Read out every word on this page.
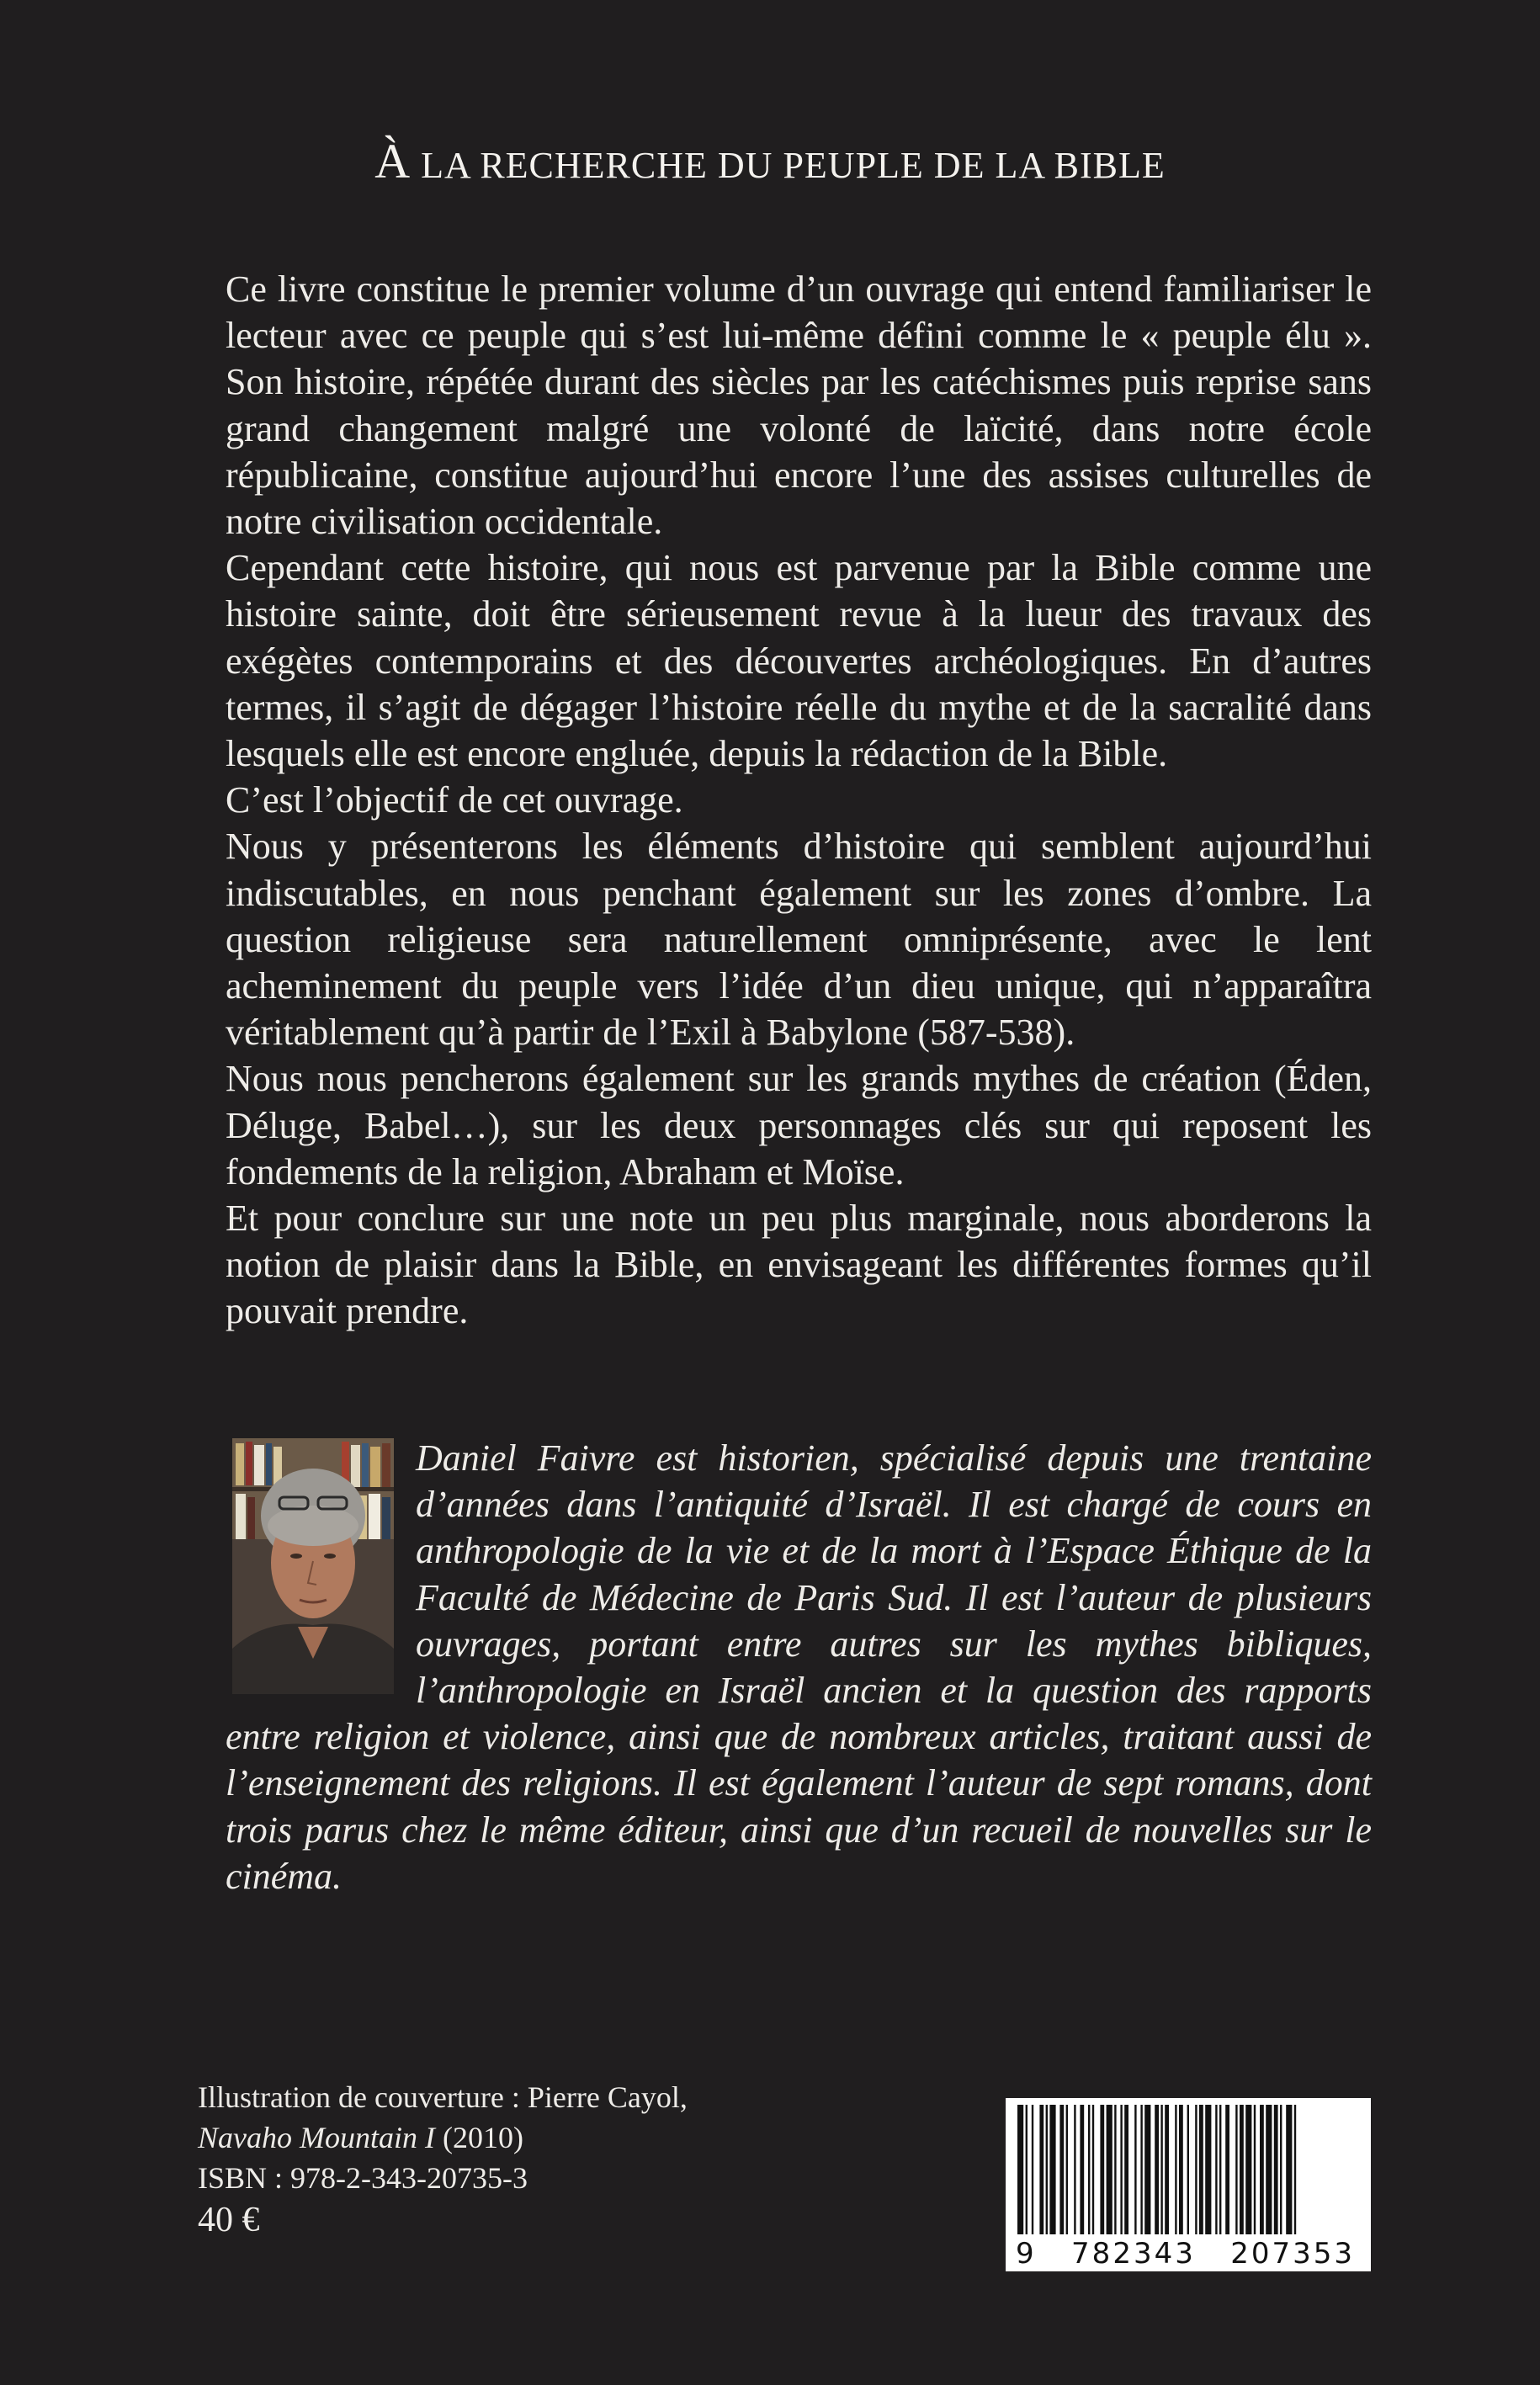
À LA RECHERCHE DU PEUPLE DE LA BIBLE

Ce livre constitue le premier volume d’un ouvrage qui entend familiariser le lecteur avec ce peuple qui s’est lui-même défini comme le « peuple élu ». Son histoire, répétée durant des siècles par les catéchismes puis reprise sans grand changement malgré une volonté de laïcité, dans notre école républicaine, constitue aujourd’hui encore l’une des assises culturelles de notre civilisation occidentale.

Cependant cette histoire, qui nous est parvenue par la Bible comme une histoire sainte, doit être sérieusement revue à la lueur des travaux des exégètes contemporains et des découvertes archéologiques. En d’autres termes, il s’agit de dégager l’histoire réelle du mythe et de la sacralité dans lesquels elle est encore engluée, depuis la rédaction de la Bible.

C’est l’objectif de cet ouvrage.

Nous y présenterons les éléments d’histoire qui semblent aujourd’hui indiscutables, en nous penchant également sur les zones d’ombre. La question religieuse sera naturellement omniprésente, avec le lent acheminement du peuple vers l’idée d’un dieu unique, qui n’apparaîtra véritablement qu’à partir de l’Exil à Babylone (587-538).

Nous nous pencherons également sur les grands mythes de création (Éden, Déluge, Babel…), sur les deux personnages clés sur qui reposent les fondements de la religion, Abraham et Moïse.

Et pour conclure sur une note un peu plus marginale, nous aborderons la notion de plaisir dans la Bible, en envisageant les différentes formes qu’il pouvait prendre.

Daniel Faivre est historien, spécialisé depuis une trentaine d’années dans l’antiquité d’Israël. Il est chargé de cours en anthropologie de la vie et de la mort à l’Espace Éthique de la Faculté de Médecine de Paris Sud. Il est l’auteur de plusieurs ouvrages, portant entre autres sur les mythes bibliques, l’anthropologie en Israël ancien et la question des rapports entre religion et violence, ainsi que de nombreux articles, traitant aussi de l’enseignement des religions. Il est également l’auteur de sept romans, dont trois parus chez le même éditeur, ainsi que d’un recueil de nouvelles sur le cinéma.

Illustration de couverture : Pierre Cayol,
Navaho Mountain I (2010)
ISBN : 978-2-343-20735-3
40 €
9   782343   207353
